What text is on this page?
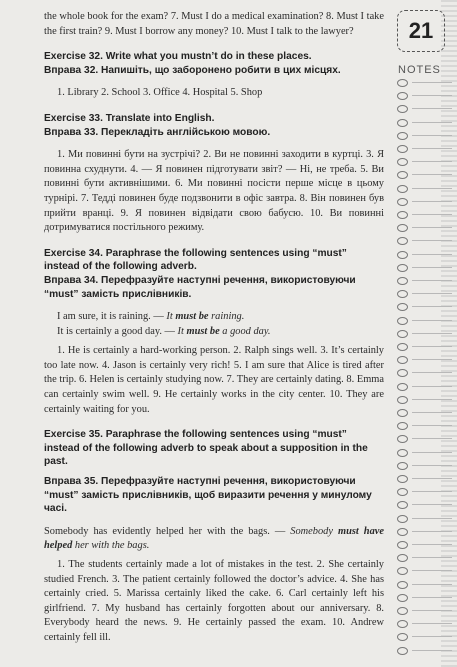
the whole book for the exam? 7. Must I do a medical examination? 8. Must I take the first train? 9. Must I borrow any money? 10. Must I talk to the lawyer?

Exercise 32. Write what you mustn’t do in these places.

Вправа 32. Напишіть, що заборонено робити в цих місцях.

1. Library 2. School 3. Office 4. Hospital 5. Shop

Exercise 33. Translate into English.

Вправа 33. Перекладіть англійською мовою.

1. Ми повинні бути на зустрічі? 2. Ви не повинні заходити в куртці. 3. Я повинна схуднути. 4. — Я повинен підготувати звіт? — Ні, не треба. 5. Ви повинні бути активнішими. 6. Ми повинні посісти перше місце в цьому турнірі. 7. Тедді повинен буде подзвонити в офіс завтра. 8. Він повинен був прийти вранці. 9. Я повинен відвідати свою бабусю. 10. Ви повинні дотримуватися постільного режиму.

Exercise 34. Paraphrase the following sentences using “must” instead of the following adverb.

Вправа 34. Перефразуйте наступні речення, використовуючи “must” замість прислівників.

I am sure, it is raining. — It must be raining.

It is certainly a good day. — It must be a good day.

1. He is certainly a hard-working person. 2. Ralph sings well. 3. It’s certainly too late now. 4. Jason is certainly very rich! 5. I am sure that Alice is tired after the trip. 6. Helen is certainly studying now. 7. They are certainly dating. 8. Emma can certainly swim well. 9. He certainly works in the city center. 10. They are certainly waiting for you.

Exercise 35. Paraphrase the following sentences using “must” instead of the following adverb to speak about a supposition in the past.

Вправа 35. Перефразуйте наступні речення, використовуючи “must” замість прислівників, щоб виразити речення у минулому часі.

Somebody has evidently helped her with the bags. — Somebody must have helped her with the bags.

1. The students certainly made a lot of mistakes in the test. 2. She certainly studied French. 3. The patient certainly followed the doctor’s advice. 4. She has certainly cried. 5. Marissa certainly liked the cake. 6. Carl certainly left his girlfriend. 7. My husband has certainly forgotten about our anniversary. 8. Everybody heard the news. 9. He certainly passed the exam. 10. Andrew certainly fell ill.

21
NOTES
